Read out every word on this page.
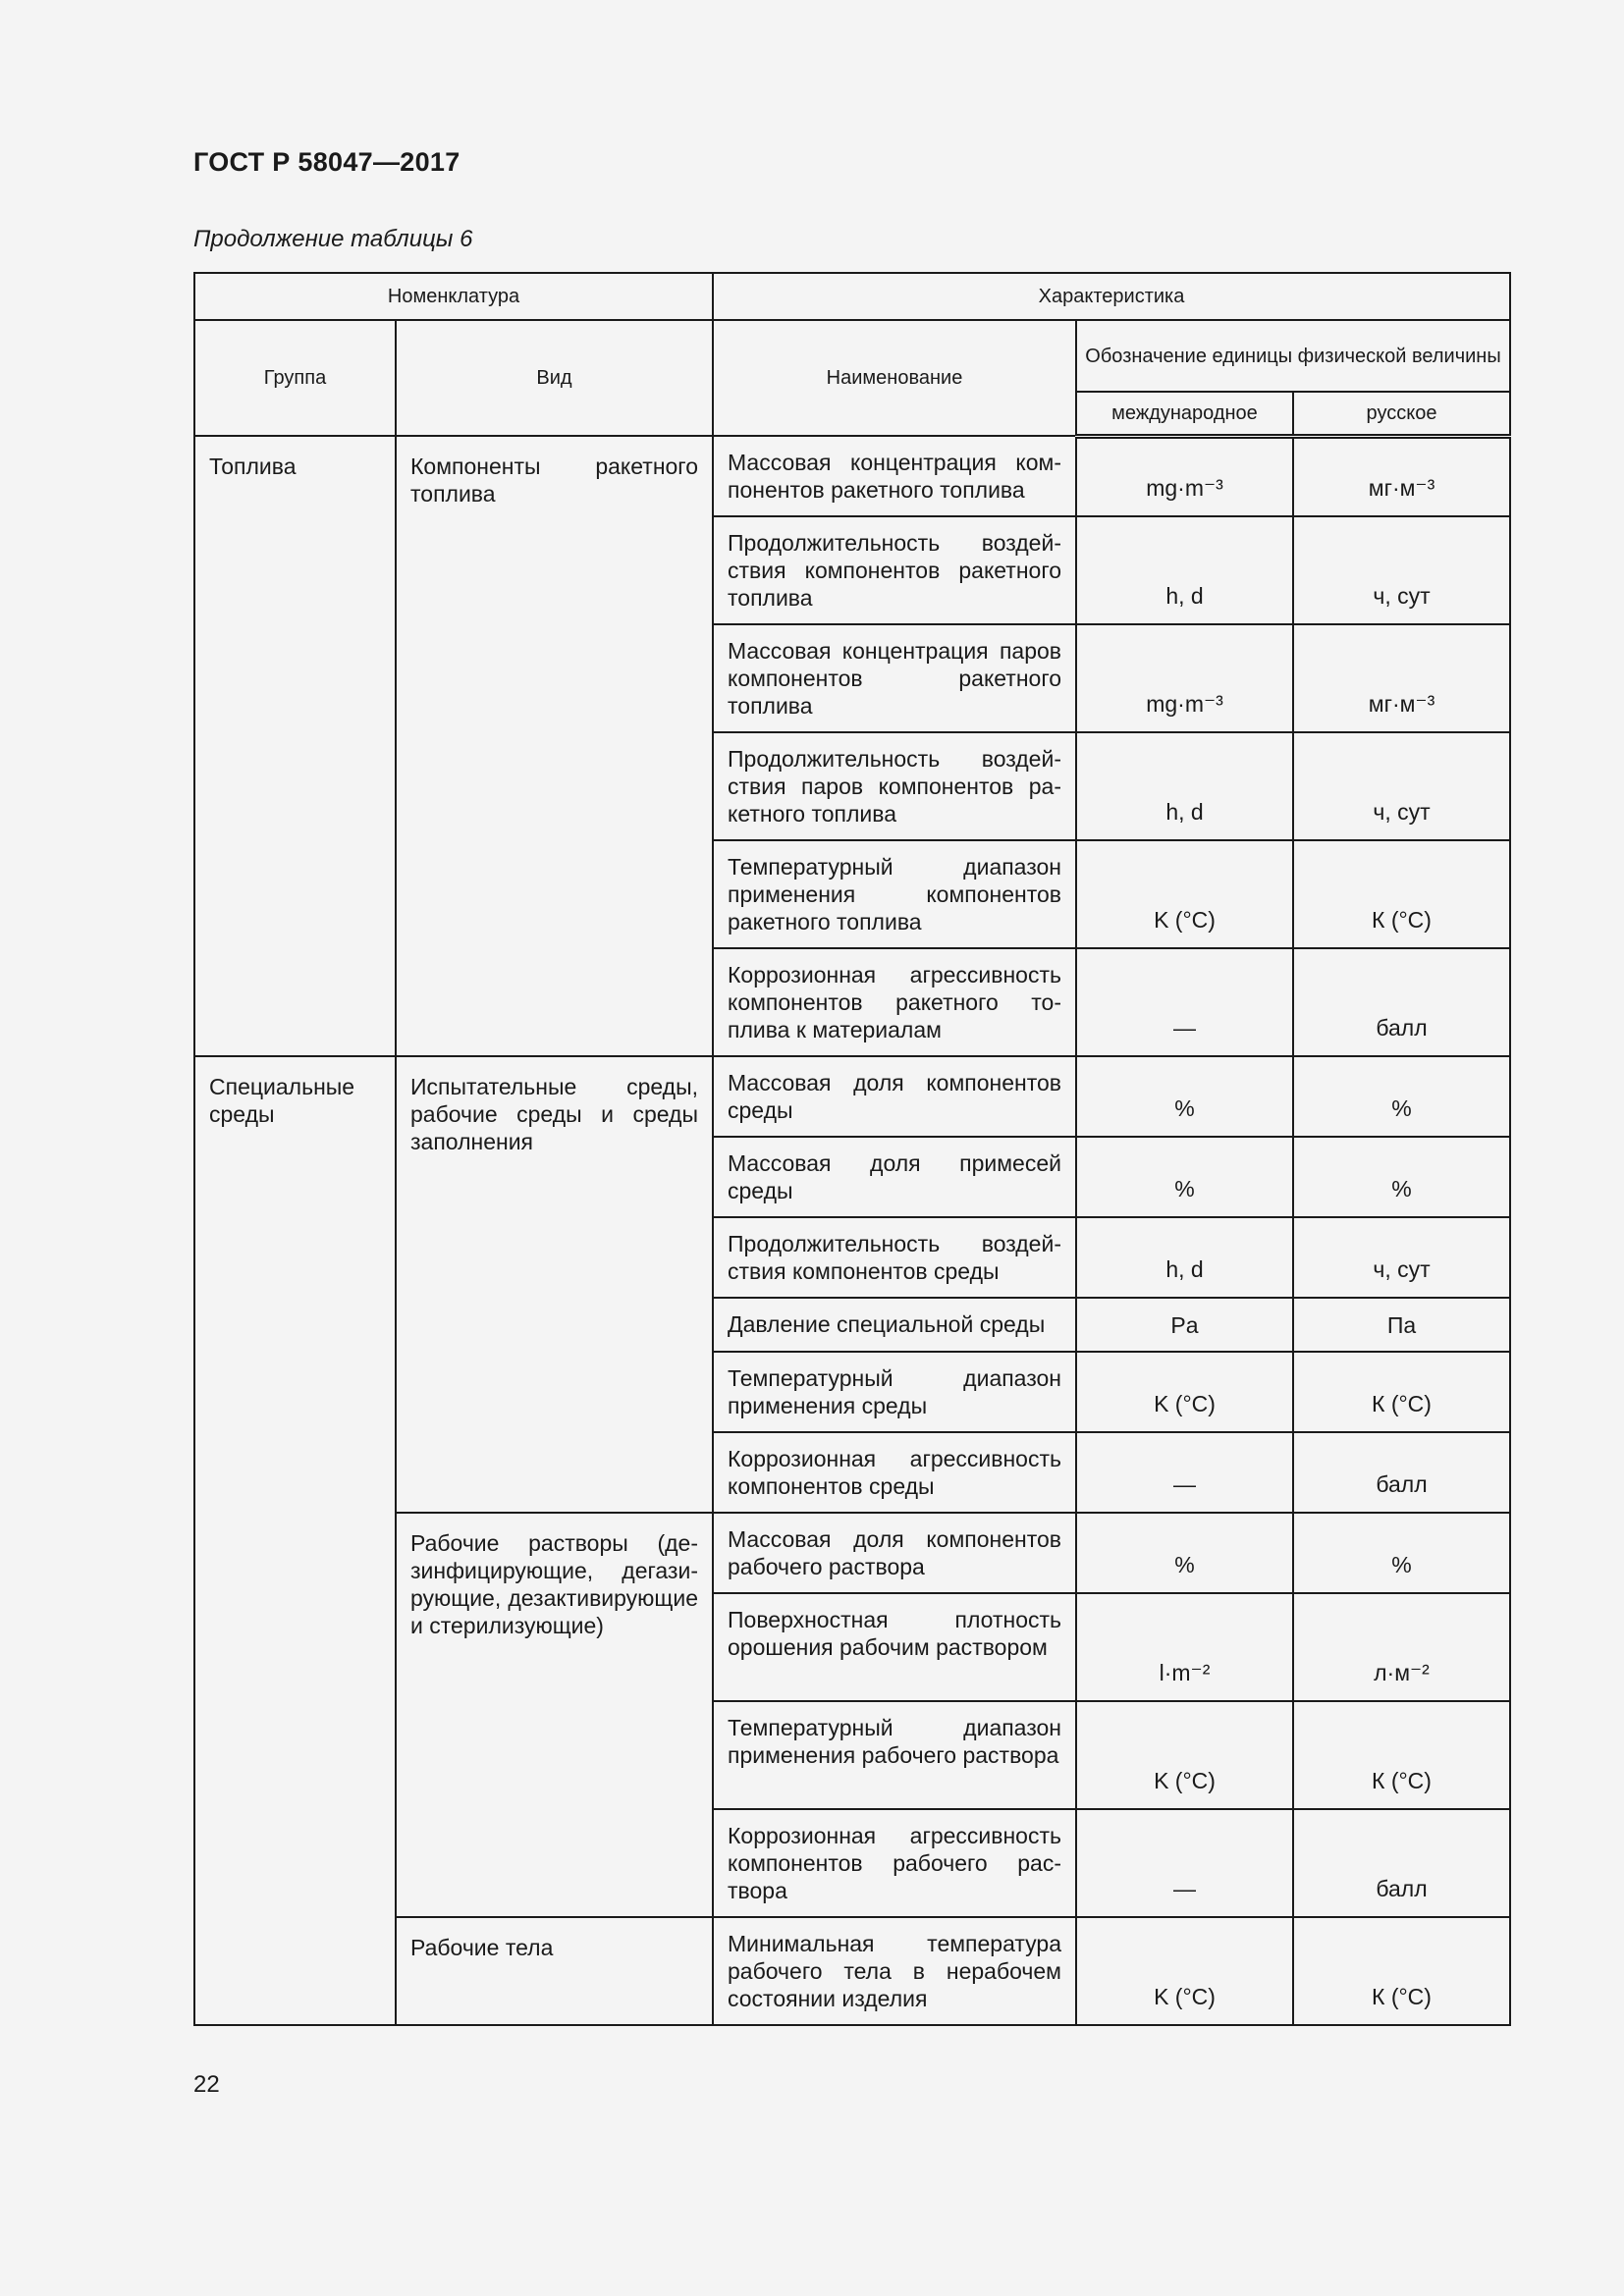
ГОСТ Р 58047—2017
Продолжение таблицы 6
Номенклатура		Характеристика		
Группа	Вид	Наименование	Обозначение единицы физической величины	
			международное	русское
Топлива	Компоненты ракетного топлива	Массовая концентрация компонентов ракетного топлива	mg·m⁻³	мг·м⁻³
		Продолжительность воздействия компонентов ракетного топлива	h, d	ч, сут
		Массовая концентрация паров компонентов ракетного топлива	mg·m⁻³	мг·м⁻³
		Продолжительность воздействия паров компонентов ракетного топлива	h, d	ч, сут
		Температурный диапазон применения компонентов ракетного топлива	K (°C)	К (°C)
		Коррозионная агрессивность компонентов ракетного топлива к материалам	—	балл
Специальные среды	Испытательные среды, рабочие среды и среды заполнения	Массовая доля компонентов среды	%	%
		Массовая доля примесей среды	%	%
		Продолжительность воздействия компонентов среды	h, d	ч, сут
		Давление специальной среды	Pa	Па
		Температурный диапазон применения среды	K (°C)	К (°C)
		Коррозионная агрессивность компонентов среды	—	балл
	Рабочие растворы (дезинфицирующие, дегазирующие, дезактивирующие и стерилизующие)	Массовая доля компонентов рабочего раствора	%	%
		Поверхностная плотность орошения рабочим раствором	l·m⁻²	л·м⁻²
		Температурный диапазон применения рабочего раствора	K (°C)	К (°C)
		Коррозионная агрессивность компонентов рабочего раствора	—	балл
	Рабочие тела	Минимальная температура рабочего тела в нерабочем состоянии изделия	K (°C)	К (°C)
22
